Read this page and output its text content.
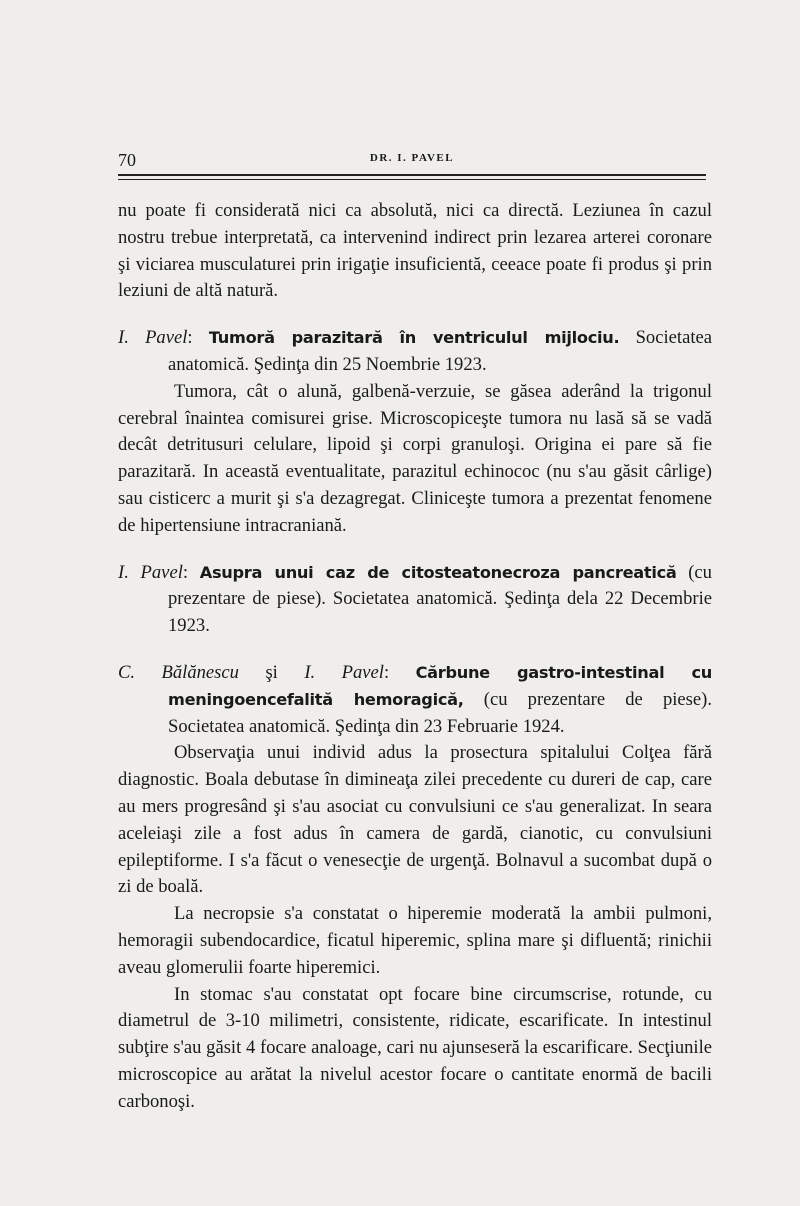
70	DR. I. PAVEL

nu poate fi considerată nici ca absolută, nici ca directă. Leziunea în cazul nostru trebue interpretată, ca intervenind indirect prin lezarea arterei coronare şi viciarea musculaturei prin irigaţie insuficientă, ceeace poate fi produs şi prin leziuni de altă natură.

I. Pavel: Tumoră parazitară în ventriculul mijlociu. Societatea anatomică. Şedinţa din 25 Noembrie 1923.

Tumora, cât o alună, galbenă-verzuie, se găsea aderând la trigonul cerebral înaintea comisurei grise. Microscopiceşte tumora nu lasă să se vadă decât detritusuri celulare, lipoid şi corpi granuloşi. Origina ei pare să fie parazitară. In această eventualitate, parazitul echinococ (nu s'au găsit cârlige) sau cisticerc a murit şi s'a dezagregat. Cliniceşte tumora a prezentat fenomene de hipertensiune intracraniană.

I. Pavel: Asupra unui caz de citosteatonecroza pancreatică (cu prezentare de piese). Societatea anatomică. Şedinţa dela 22 Decembrie 1923.

C. Bălănescu şi I. Pavel: Cărbune gastro-intestinal cu meningoencefalită hemoragică, (cu prezentare de piese). Societatea anatomică. Şedinţa din 23 Februarie 1924.

Observaţia unui individ adus la prosectura spitalului Colţea fără diagnostic. Boala debutase în dimineaţa zilei precedente cu dureri de cap, care au mers progresând şi s'au asociat cu convulsiuni ce s'au generalizat. In seara aceleiaşi zile a fost adus în camera de gardă, cianotic, cu convulsiuni epileptiforme. I s'a făcut o venesecţie de urgenţă. Bolnavul a sucombat după o zi de boală.

La necropsie s'a constatat o hiperemie moderată la ambii pulmoni, hemoragii subendocardice, ficatul hiperemic, splina mare şi difluentă; rinichii aveau glomerulii foarte hiperemici.

In stomac s'au constatat opt focare bine circumscrise, rotunde, cu diametrul de 3-10 milimetri, consistente, ridicate, escarificate. In intestinul subţire s'au găsit 4 focare analoage, cari nu ajunseseră la escarificare. Secţiunile microscopice au arătat la nivelul acestor focare o cantitate enormă de bacili carbonoşi.
